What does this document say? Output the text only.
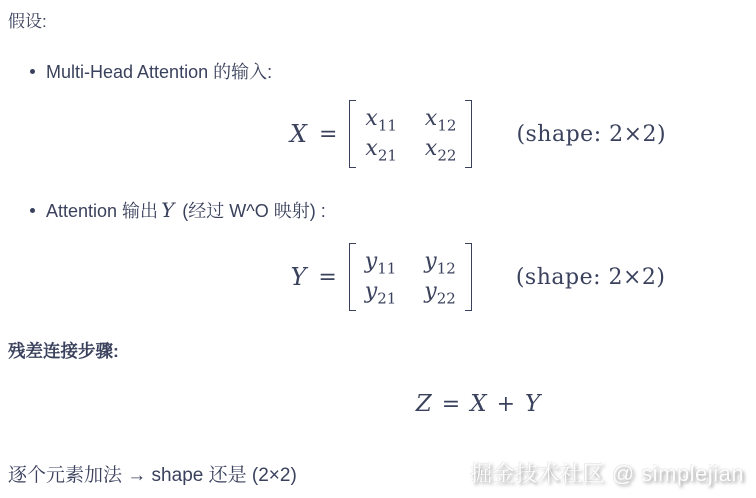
假设:

Multi-Head Attention 的输入:
X =
$x_{11}$ $x_{12}$
$x_{21}$ $x_{22}$
(shape: 2×2)
Attention 输出 Y (经过 W^O 映射) :
Y =
$y_{11}$ $y_{12}$
$y_{21}$ $y_{22}$
(shape: 2×2)

残差连接步骤:

Z = X + Y
逐个元素加法 → shape 还是 (2×2)	掘金技术社区 @ simplejian
